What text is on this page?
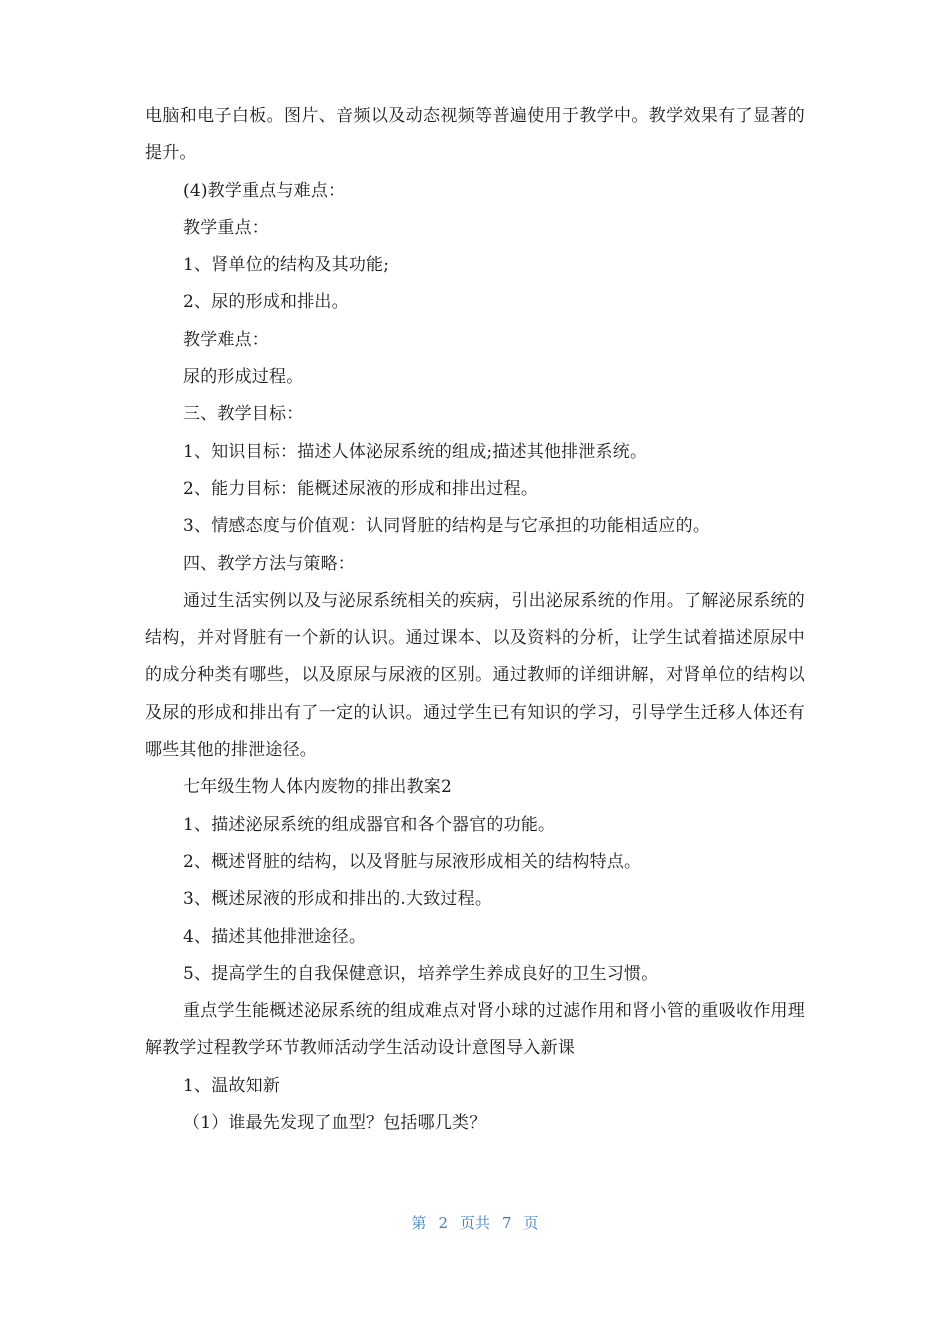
电脑和电子白板。图片、音频以及动态视频等普遍使用于教学中。教学效果有了显著的提升。

(4)教学重点与难点：

教学重点：

1、肾单位的结构及其功能;

2、尿的形成和排出。

教学难点：

尿的形成过程。

三、教学目标：

1、知识目标：描述人体泌尿系统的组成;描述其他排泄系统。

2、能力目标：能概述尿液的形成和排出过程。

3、情感态度与价值观：认同肾脏的结构是与它承担的功能相适应的。

四、教学方法与策略：

通过生活实例以及与泌尿系统相关的疾病，引出泌尿系统的作用。了解泌尿系统的结构，并对肾脏有一个新的认识。通过课本、以及资料的分析，让学生试着描述原尿中的成分种类有哪些，以及原尿与尿液的区别。通过教师的详细讲解，对肾单位的结构以及尿的形成和排出有了一定的认识。通过学生已有知识的学习，引导学生迁移人体还有哪些其他的排泄途径。

七年级生物人体内废物的排出教案2

1、描述泌尿系统的组成器官和各个器官的功能。

2、概述肾脏的结构，以及肾脏与尿液形成相关的结构特点。

3、概述尿液的形成和排出的.大致过程。

4、描述其他排泄途径。

5、提高学生的自我保健意识，培养学生养成良好的卫生习惯。

重点学生能概述泌尿系统的组成难点对肾小球的过滤作用和肾小管的重吸收作用理解教学过程教学环节教师活动学生活动设计意图导入新课

1、温故知新

（1）谁最先发现了血型？包括哪几类？

第 2 页共 7 页
